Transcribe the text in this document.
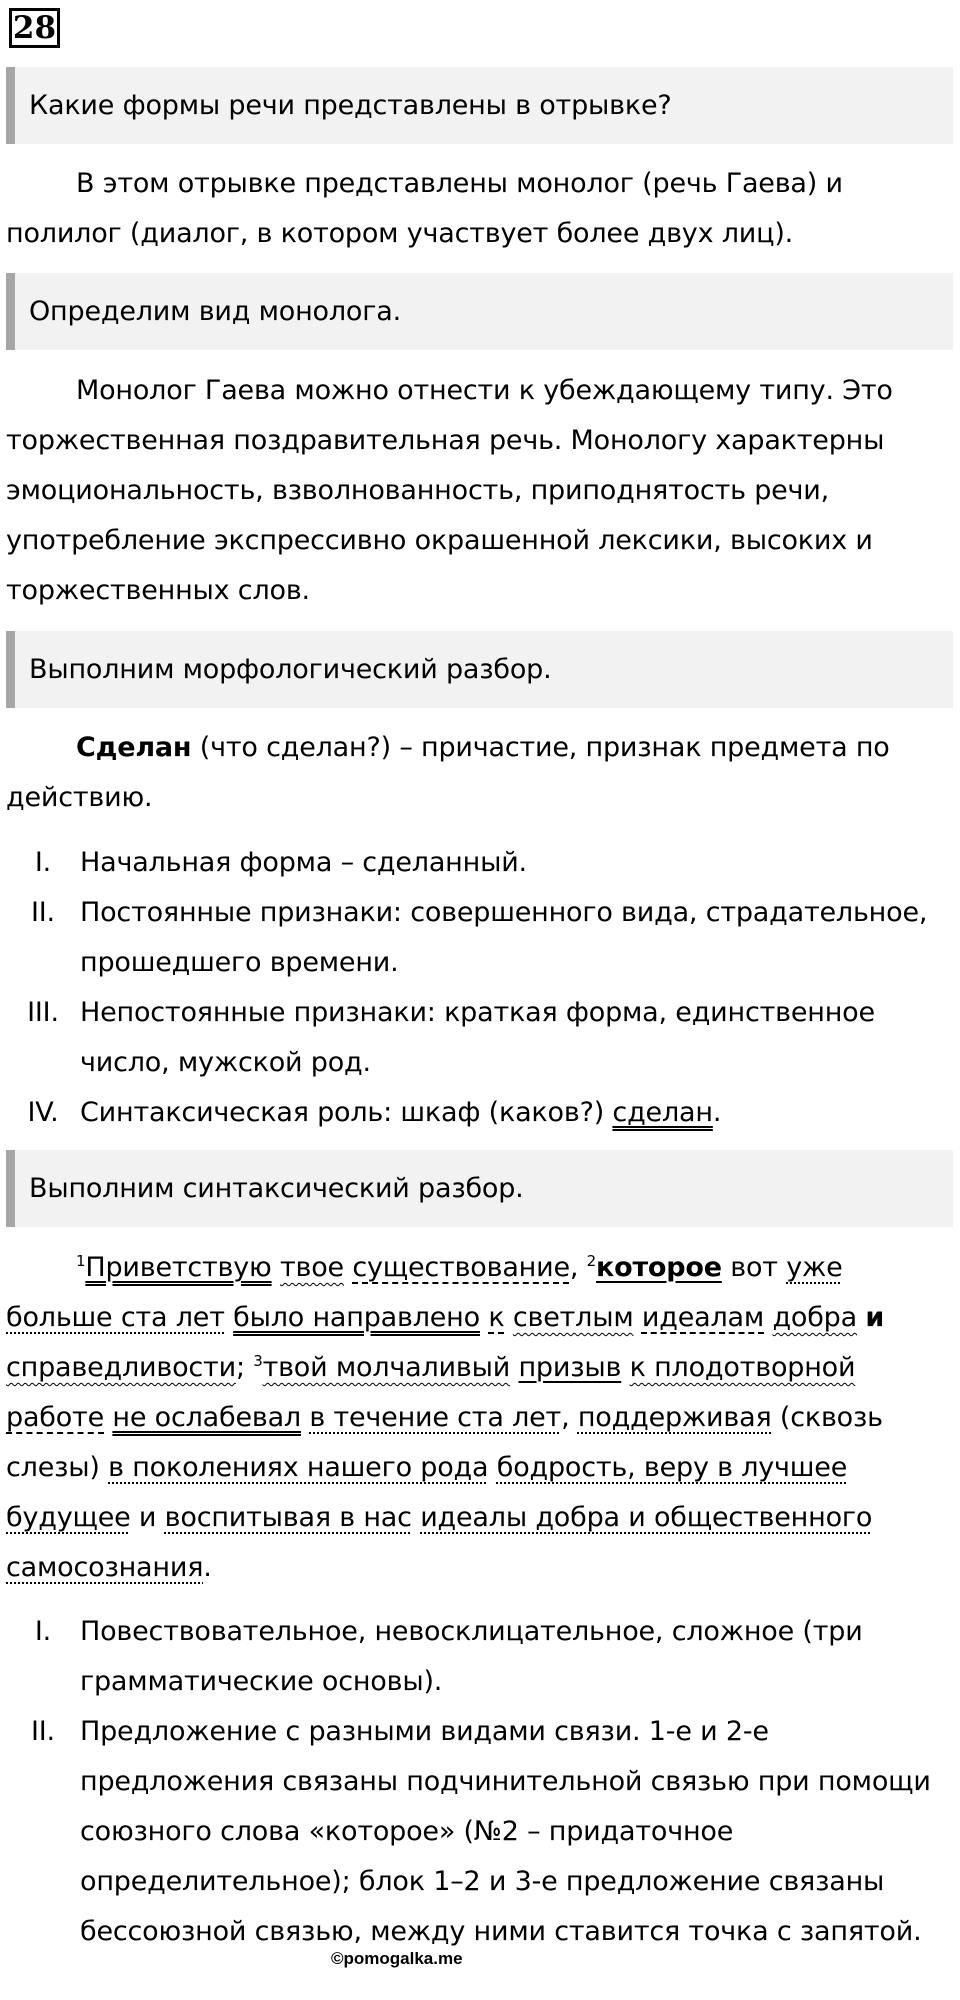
28
Какие формы речи представлены в отрывке?

В этом отрывке представлены монолог (речь Гаева) и полилог (диалог, в котором участвует более двух лиц).

Определим вид монолога.

Монолог Гаева можно отнести к убеждающему типу. Это торжественная поздравительная речь. Монологу характерны эмоциональность, взволнованность, приподнятость речи, употребление экспрессивно окрашенной лексики, высоких и торжественных слов.

Выполним морфологический разбор.

Сделан (что сделан?) – причастие, признак предмета по действию.

I.	Начальная форма – сделанный.
II. Постоянные признаки: совершенного вида, страдательное, прошедшего времени.
III. Непостоянные признаки: краткая форма, единственное число, мужской род.
IV. Синтаксическая роль: шкаф (каков?) сделан.
Выполним синтаксический разбор.

$^1$Приветствую твое существование, $^2$которое вот уже больше ста лет было направлено к светлым идеалам добра и справедливости; $^3$твой молчаливый призыв к плодотворной работе не ослабевал в течение ста лет, поддерживая (сквозь слезы) в поколениях нашего рода бодрость, веру в лучшее будущее и воспитывая в нас идеалы добра и общественного самосознания.

I.	Повествовательное, невосклицательное, сложное (три грамматические основы).
II. Предложение с разными видами связи. 1-е и 2-е предложения связаны подчинительной связью при помощи союзного слова «которое» (№2 – придаточное определительное); блок 1–2 и 3-е предложение связаны бессоюзной связью, между ними ставится точка с запятой.
©pomogalka.me
